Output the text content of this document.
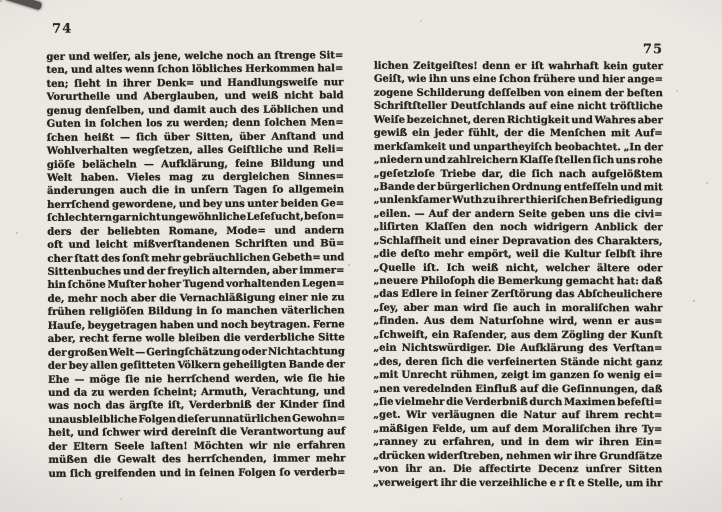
74
ger und weiſer, als jene, welche noch an ſtrenge Sit=
ten, und altes wenn ſchon löbliches Herkommen hal=
ten; ſieht in ihrer Denk= und Handlungsweiſe nur
Vorurtheile und Aberglauben, und weiß nicht bald
genug denſelben, und damit auch des Löblichen und
Guten in ſolchen los zu werden; denn ſolchen Men=
ſchen heißt — ſich über Sitten, über Anſtand und
Wohlverhalten wegſetzen, alles Geiſtliche und Reli=
giöſe belächeln — Aufklärung, feine Bildung und
Welt haben. Vieles mag zu dergleichen Sinnes=
änderungen auch die in unſern Tagen ſo allgemein
herrſchend gewordene, und bey uns unter beiden Ge=
ſchlechtern gar nicht ungewöhnliche Leſeſucht, beſon=
ders der beliebten Romane, Mode= und andern
oft und leicht mißverſtandenen Schriften und Bü=
cher ſtatt des ſonſt mehr gebräuchlichen Gebeth= und
Sittenbuches und der freylich alternden, aber immer=
hin ſchöne Muſter hoher Tugend vorhaltenden Legen=
de, mehr noch aber die Vernachläßigung einer nie zu
frühen religiöſen Bildung in ſo manchen väterlichen
Hauſe, beygetragen haben und noch beytragen. Ferne
aber, recht ferne wolle bleiben die verderbliche Sitte
der großen Welt — Geringſchätzung oder Nichtachtung
der bey allen geſitteten Völkern geheiligten Bande der
Ehe — möge ſie nie herrſchend werden, wie ſie hie
und da zu werden ſcheint; Armuth, Verachtung, und
was noch das ärgſte iſt, Verderbniß der Kinder ſind
unausbleibliche Folgen dieſer unnatürlichen Gewohn=
heit, und ſchwer wird dereinſt die Verantwortung auf
der Eltern Seele laſten! Möchten wir nie erfahren
müßen die Gewalt des herrſchenden, immer mehr
um ſich greifenden und in ſeinen Folgen ſo verderb=
75
lichen Zeitgeiſtes! denn er iſt wahrhaft kein guter
Geiſt, wie ihn uns eine ſchon frühere und hier ange=
zogene Schilderung deſſelben von einem der beſten
Schriftſteller Deutſchlands auf eine nicht tröſtliche
Weiſe bezeichnet, deren Richtigkeit und Wahres aber
gewiß ein jeder fühlt, der die Menſchen mit Auf=
merkſamkeit und unpartheyiſch beobachtet. „In der
„niedern und zahlreichern Klaſſe ſtellen ſich uns rohe
„geſetzloſe Triebe dar, die ſich nach aufgelößtem
„Bande der bürgerlichen Ordnung entfeſſeln und mit
„unlenkſamer Wuth zu ihrer thieriſchen Befriedigung
„eilen. — Auf der andern Seite geben uns die civi=
„liſirten Klaſſen den noch widrigern Anblick der
„Schlaffheit und einer Depravation des Charakters,
„die deſto mehr empört, weil die Kultur ſelbſt ihre
„Quelle iſt. Ich weiß nicht, welcher ältere oder
„neuere Philoſoph die Bemerkung gemacht hat: daß
„das Edlere in ſeiner Zerſtörung das Abſcheulichere
„ſey, aber man wird ſie auch in moraliſchen wahr
„finden. Aus dem Naturſohne wird, wenn er aus=
„ſchweift, ein Raſender, aus dem Zögling der Kunſt
„ein Nichtswürdiger. Die Aufklärung des Verſtan=
„des, deren ſich die verfeinerten Stände nicht ganz
„mit Unrecht rühmen, zeigt im ganzen ſo wenig ei=
„nen veredelnden Einfluß auf die Geſinnungen, daß
„ſie vielmehr die Verderbniß durch Maximen befeſti=
„get. Wir verläugnen die Natur auf ihrem recht=
„mäßigen Felde, um auf dem Moraliſchen ihre Ty=
„ranney zu erfahren, und in dem wir ihren Ein=
„drücken widerſtreben, nehmen wir ihre Grundſätze
„von ihr an. Die affectirte Decenz unſrer Sitten
„verweigert ihr die verzeihliche e r ſt e Stelle, um ihr
